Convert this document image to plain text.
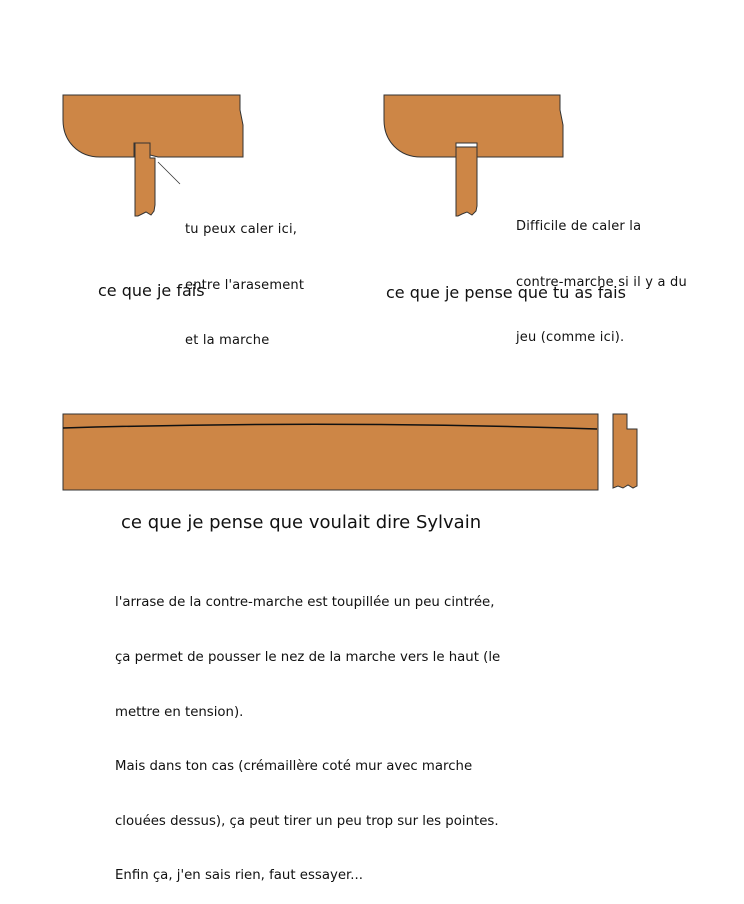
tu peux caler ici,

entre l'arasement

et la marche

Difficile de caler la

contre-marche si il y a du

jeu (comme ici).

ce que je fais	ce que je pense que tu as fais
ce que je pense que voulait dire Sylvain

l'arrase de la contre-marche est toupillée un peu cintrée,

ça permet de pousser le nez de la marche vers le haut (le

mettre en tension).

Mais dans ton cas (crémaillère coté mur avec marche

clouées dessus), ça peut tirer un peu trop sur les pointes.

Enfin ça, j'en sais rien, faut essayer...
